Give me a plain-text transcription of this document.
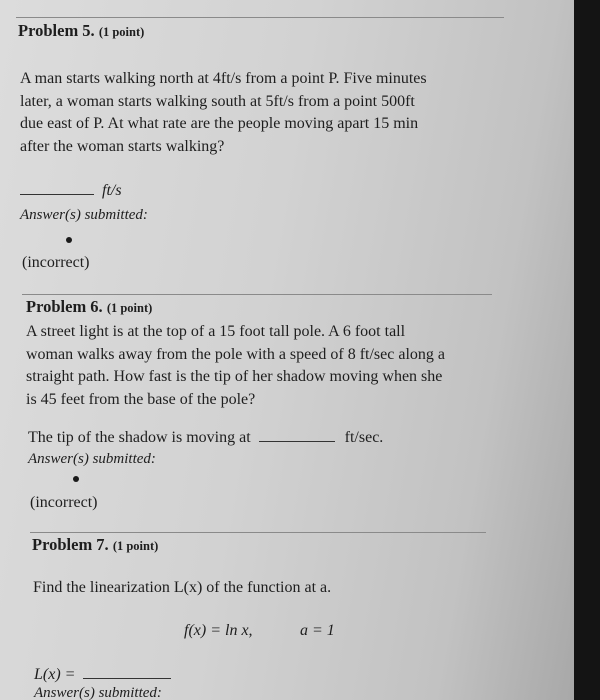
Problem 5. (1 point)
A man starts walking north at 4ft/s from a point P. Five minutes
later, a woman starts walking south at 5ft/s from a point 500ft
due east of P. At what rate are the people moving apart 15 min
after the woman starts walking?
ft/s
Answer(s) submitted:
(incorrect)
Problem 6. (1 point)
A street light is at the top of a 15 foot tall pole. A 6 foot tall
woman walks away from the pole with a speed of 8 ft/sec along a
straight path. How fast is the tip of her shadow moving when she
is 45 feet from the base of the pole?
The tip of the shadow is moving at	ft/sec.
Answer(s) submitted:
(incorrect)
Problem 7. (1 point)
Find the linearization L(x) of the function at a.
f(x) = ln x,	a = 1
L(x) =
Answer(s) submitted:
